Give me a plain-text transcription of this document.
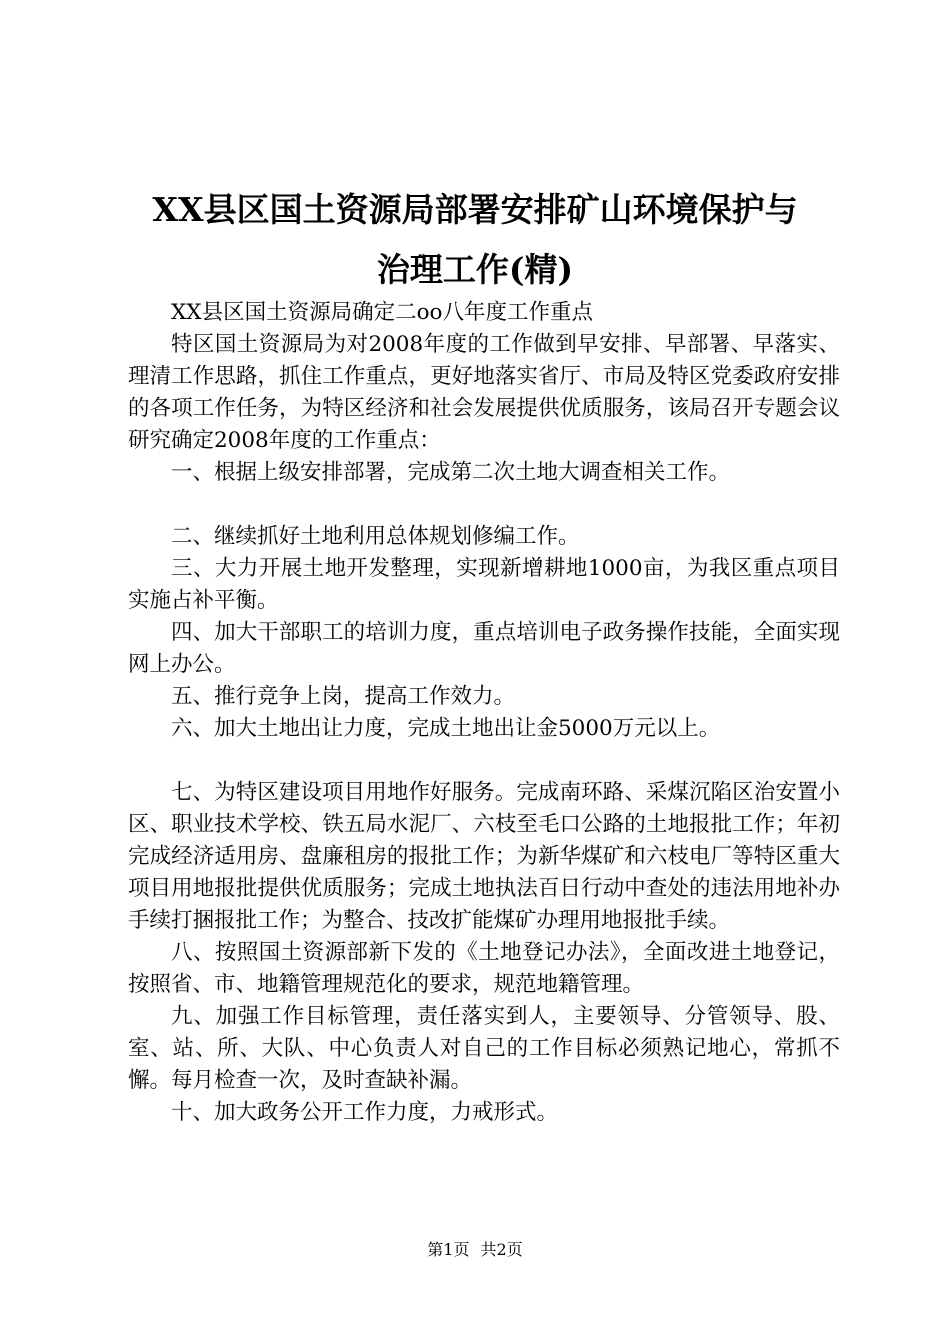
XX县区国土资源局部署安排矿山环境保护与
治理工作(精)

XX县区国土资源局确定二oo八年度工作重点

特区国土资源局为对2008年度的工作做到早安排、早部署、早落实、理清工作思路，抓住工作重点，更好地落实省厅、市局及特区党委政府安排的各项工作任务，为特区经济和社会发展提供优质服务，该局召开专题会议研究确定2008年度的工作重点：

一、根据上级安排部署，完成第二次土地大调查相关工作。

二、继续抓好土地利用总体规划修编工作。

三、大力开展土地开发整理，实现新增耕地1000亩，为我区重点项目实施占补平衡。

四、加大干部职工的培训力度，重点培训电子政务操作技能，全面实现网上办公。

五、推行竞争上岗，提高工作效力。

六、加大土地出让力度，完成土地出让金5000万元以上。

七、为特区建设项目用地作好服务。完成南环路、采煤沉陷区治安置小区、职业技术学校、铁五局水泥厂、六枝至毛口公路的土地报批工作；年初完成经济适用房、盘廉租房的报批工作；为新华煤矿和六枝电厂等特区重大项目用地报批提供优质服务；完成土地执法百日行动中查处的违法用地补办手续打捆报批工作；为整合、技改扩能煤矿办理用地报批手续。

八、按照国土资源部新下发的《土地登记办法》，全面改进土地登记，按照省、市、地籍管理规范化的要求，规范地籍管理。

九、加强工作目标管理，责任落实到人，主要领导、分管领导、股、室、站、所、大队、中心负责人对自己的工作目标必须熟记地心，常抓不懈。每月检查一次，及时查缺补漏。

十、加大政务公开工作力度，力戒形式。

第1页 共2页
